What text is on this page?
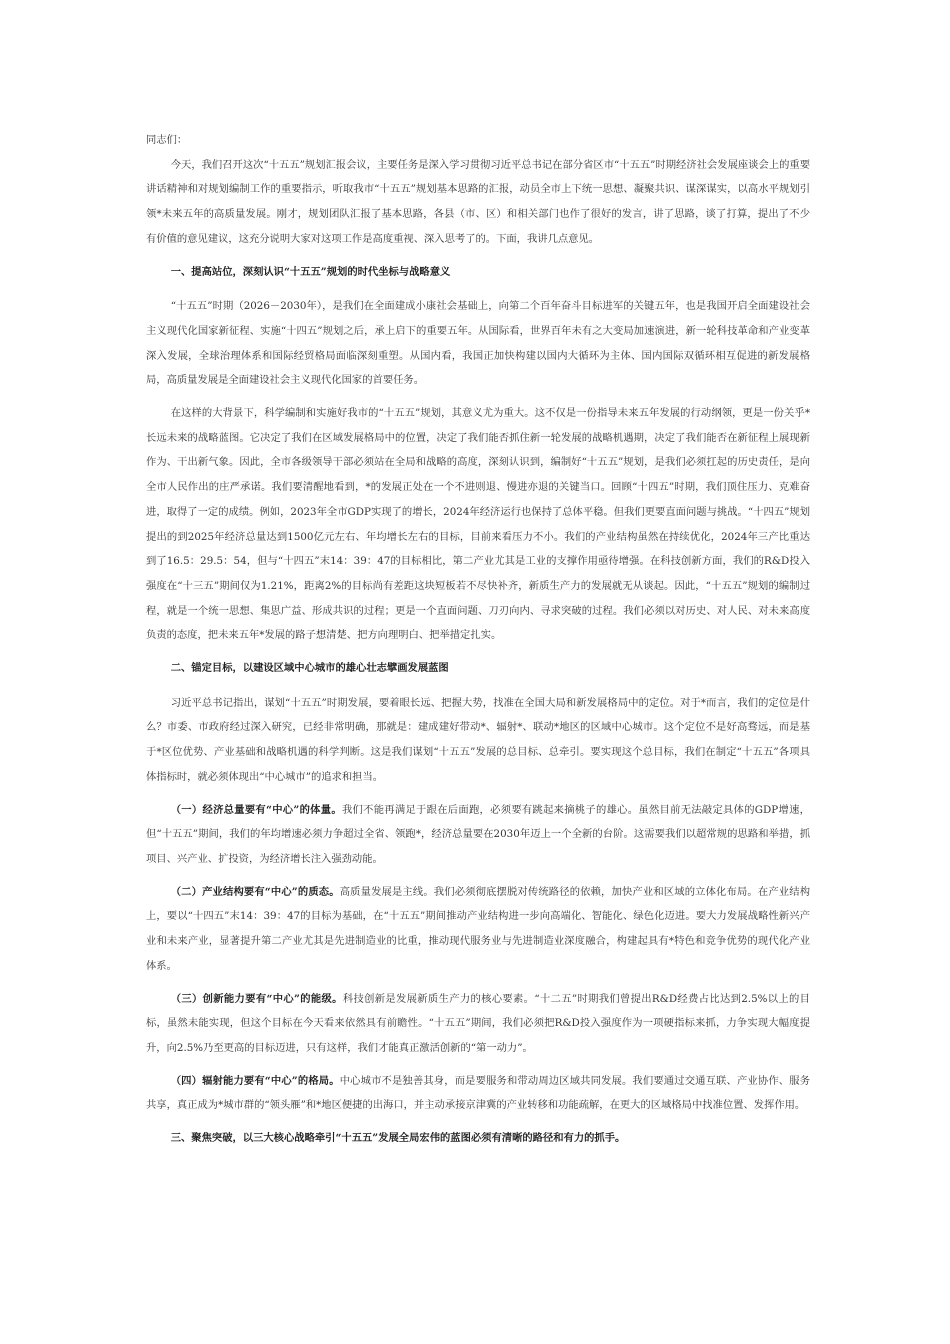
同志们：

今天，我们召开这次“十五五”规划汇报会议，主要任务是深入学习贯彻习近平总书记在部分省区市“十五五”时期经济社会发展座谈会上的重要讲话精神和对规划编制工作的重要指示，听取我市“十五五”规划基本思路的汇报，动员全市上下统一思想、凝聚共识、谋深谋实，以高水平规划引领*未来五年的高质量发展。刚才，规划团队汇报了基本思路，各县（市、区）和相关部门也作了很好的发言，讲了思路，谈了打算，提出了不少有价值的意见建议，这充分说明大家对这项工作是高度重视、深入思考了的。下面，我讲几点意见。

一、提高站位，深刻认识“十五五”规划的时代坐标与战略意义

“十五五”时期（2026－2030年），是我们在全面建成小康社会基础上，向第二个百年奋斗目标进军的关键五年，也是我国开启全面建设社会主义现代化国家新征程、实施“十四五”规划之后，承上启下的重要五年。从国际看，世界百年未有之大变局加速演进，新一轮科技革命和产业变革深入发展，全球治理体系和国际经贸格局面临深刻重塑。从国内看，我国正加快构建以国内大循环为主体、国内国际双循环相互促进的新发展格局，高质量发展是全面建设社会主义现代化国家的首要任务。

在这样的大背景下，科学编制和实施好我市的“十五五”规划，其意义尤为重大。这不仅是一份指导未来五年发展的行动纲领，更是一份关乎*长远未来的战略蓝图。它决定了我们在区域发展格局中的位置，决定了我们能否抓住新一轮发展的战略机遇期，决定了我们能否在新征程上展现新作为、干出新气象。因此，全市各级领导干部必须站在全局和战略的高度，深刻认识到，编制好“十五五”规划，是我们必须扛起的历史责任，是向全市人民作出的庄严承诺。我们要清醒地看到，*的发展正处在一个不进则退、慢进亦退的关键当口。回顾“十四五”时期，我们顶住压力、克难奋进，取得了一定的成绩。例如，2023年全市GDP实现了的增长，2024年经济运行也保持了总体平稳。但我们更要直面问题与挑战。“十四五”规划提出的到2025年经济总量达到1500亿元左右、年均增长左右的目标，目前来看压力不小。我们的产业结构虽然在持续优化，2024年三产比重达到了16.5：29.5：54，但与“十四五”末14：39：47的目标相比，第二产业尤其是工业的支撑作用亟待增强。在科技创新方面，我们的R&D投入强度在“十三五”期间仅为1.21%，距离2%的目标尚有差距这块短板若不尽快补齐，新质生产力的发展就无从谈起。因此，“十五五”规划的编制过程，就是一个统一思想、集思广益、形成共识的过程；更是一个直面问题、刀刃向内、寻求突破的过程。我们必须以对历史、对人民、对未来高度负责的态度，把未来五年*发展的路子想清楚、把方向理明白、把举措定扎实。

二、锚定目标，以建设区域中心城市的雄心壮志擘画发展蓝图

习近平总书记指出，谋划“十五五”时期发展，要着眼长远、把握大势，找准在全国大局和新发展格局中的定位。对于*而言，我们的定位是什么？市委、市政府经过深入研究，已经非常明确，那就是：建成建好带动*、辐射*、联动*地区的区域中心城市。这个定位不是好高骛远，而是基于*区位优势、产业基础和战略机遇的科学判断。这是我们谋划“十五五”发展的总目标、总牵引。要实现这个总目标，我们在制定“十五五”各项具体指标时，就必须体现出“中心城市”的追求和担当。

（一）经济总量要有“中心”的体量。我们不能再满足于跟在后面跑，必须要有跳起来摘桃子的雄心。虽然目前无法敲定具体的GDP增速，但“十五五”期间，我们的年均增速必须力争超过全省、领跑*，经济总量要在2030年迈上一个全新的台阶。这需要我们以超常规的思路和举措，抓项目、兴产业、扩投资，为经济增长注入强劲动能。

（二）产业结构要有“中心”的质态。高质量发展是主线。我们必须彻底摆脱对传统路径的依赖，加快产业和区域的立体化布局。在产业结构上，要以“十四五”末14：39：47的目标为基础，在“十五五”期间推动产业结构进一步向高端化、智能化、绿色化迈进。要大力发展战略性新兴产业和未来产业，显著提升第二产业尤其是先进制造业的比重，推动现代服务业与先进制造业深度融合，构建起具有*特色和竞争优势的现代化产业体系。

（三）创新能力要有“中心”的能级。科技创新是发展新质生产力的核心要素。“十二五”时期我们曾提出R&D经费占比达到2.5%以上的目标，虽然未能实现，但这个目标在今天看来依然具有前瞻性。“十五五”期间，我们必须把R&D投入强度作为一项硬指标来抓，力争实现大幅度提升，向2.5%乃至更高的目标迈进，只有这样，我们才能真正激活创新的“第一动力”。

（四）辐射能力要有“中心”的格局。中心城市不是独善其身，而是要服务和带动周边区域共同发展。我们要通过交通互联、产业协作、服务共享，真正成为*城市群的“领头雁”和*地区便捷的出海口，并主动承接京津冀的产业转移和功能疏解，在更大的区域格局中找准位置、发挥作用。

三、聚焦突破，以三大核心战略牵引“十五五”发展全局宏伟的蓝图必须有清晰的路径和有力的抓手。
